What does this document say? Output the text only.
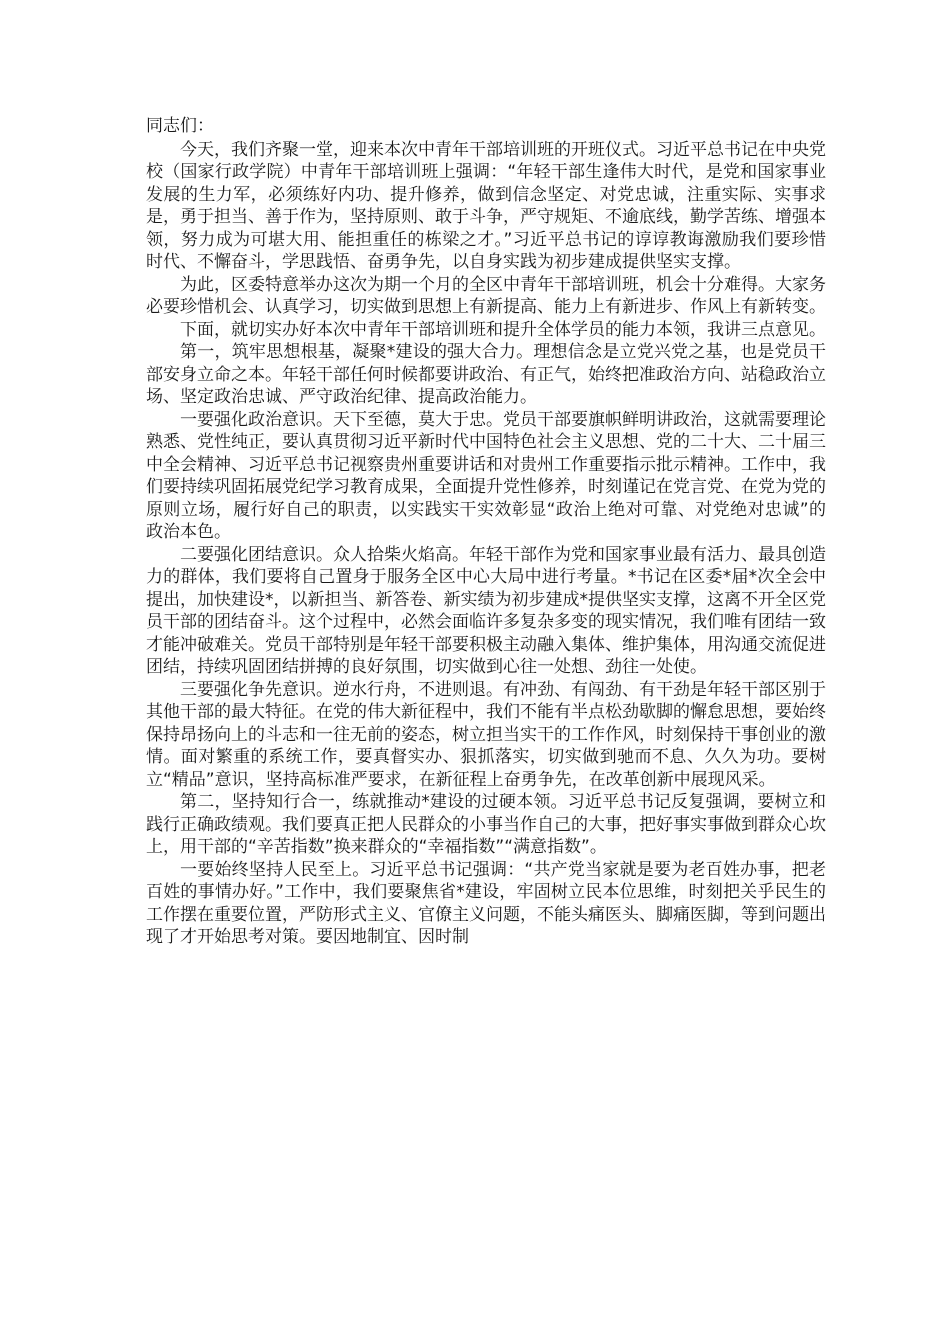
同志们：

今天，我们齐聚一堂，迎来本次中青年干部培训班的开班仪式。习近平总书记在中央党校（国家行政学院）中青年干部培训班上强调：“年轻干部生逢伟大时代，是党和国家事业发展的生力军，必须练好内功、提升修养，做到信念坚定、对党忠诚，注重实际、实事求是，勇于担当、善于作为，坚持原则、敢于斗争，严守规矩、不逾底线，勤学苦练、增强本领，努力成为可堪大用、能担重任的栋梁之才。”习近平总书记的谆谆教诲激励我们要珍惜时代、不懈奋斗，学思践悟、奋勇争先，以自身实践为初步建成提供坚实支撑。

为此，区委特意举办这次为期一个月的全区中青年干部培训班，机会十分难得。大家务必要珍惜机会、认真学习，切实做到思想上有新提高、能力上有新进步、作风上有新转变。

下面，就切实办好本次中青年干部培训班和提升全体学员的能力本领，我讲三点意见。

第一，筑牢思想根基，凝聚*建设的强大合力。理想信念是立党兴党之基，也是党员干部安身立命之本。年轻干部任何时候都要讲政治、有正气，始终把准政治方向、站稳政治立场、坚定政治忠诚、严守政治纪律、提高政治能力。

一要强化政治意识。天下至德，莫大于忠。党员干部要旗帜鲜明讲政治，这就需要理论熟悉、党性纯正，要认真贯彻习近平新时代中国特色社会主义思想、党的二十大、二十届三中全会精神、习近平总书记视察贵州重要讲话和对贵州工作重要指示批示精神。工作中，我们要持续巩固拓展党纪学习教育成果，全面提升党性修养，时刻谨记在党言党、在党为党的原则立场，履行好自己的职责，以实践实干实效彰显“政治上绝对可靠、对党绝对忠诚”的政治本色。

二要强化团结意识。众人拾柴火焰高。年轻干部作为党和国家事业最有活力、最具创造力的群体，我们要将自己置身于服务全区中心大局中进行考量。*书记在区委*届*次全会中提出，加快建设*，以新担当、新答卷、新实绩为初步建成*提供坚实支撑，这离不开全区党员干部的团结奋斗。这个过程中，必然会面临许多复杂多变的现实情况，我们唯有团结一致才能冲破难关。党员干部特别是年轻干部要积极主动融入集体、维护集体，用沟通交流促进团结，持续巩固团结拼搏的良好氛围，切实做到心往一处想、劲往一处使。

三要强化争先意识。逆水行舟，不进则退。有冲劲、有闯劲、有干劲是年轻干部区别于其他干部的最大特征。在党的伟大新征程中，我们不能有半点松劲歇脚的懈怠思想，要始终保持昂扬向上的斗志和一往无前的姿态，树立担当实干的工作作风，时刻保持干事创业的激情。面对繁重的系统工作，要真督实办、狠抓落实，切实做到驰而不息、久久为功。要树立“精品”意识，坚持高标准严要求，在新征程上奋勇争先，在改革创新中展现风采。

第二，坚持知行合一，练就推动*建设的过硬本领。习近平总书记反复强调，要树立和践行正确政绩观。我们要真正把人民群众的小事当作自己的大事，把好事实事做到群众心坎上，用干部的“辛苦指数”换来群众的“幸福指数”“满意指数”。

一要始终坚持人民至上。习近平总书记强调：“共产党当家就是要为老百姓办事，把老百姓的事情办好。”工作中，我们要聚焦省*建设，牢固树立民本位思维，时刻把关乎民生的工作摆在重要位置，严防形式主义、官僚主义问题，不能头痛医头、脚痛医脚，等到问题出现了才开始思考对策。要因地制宜、因时制
